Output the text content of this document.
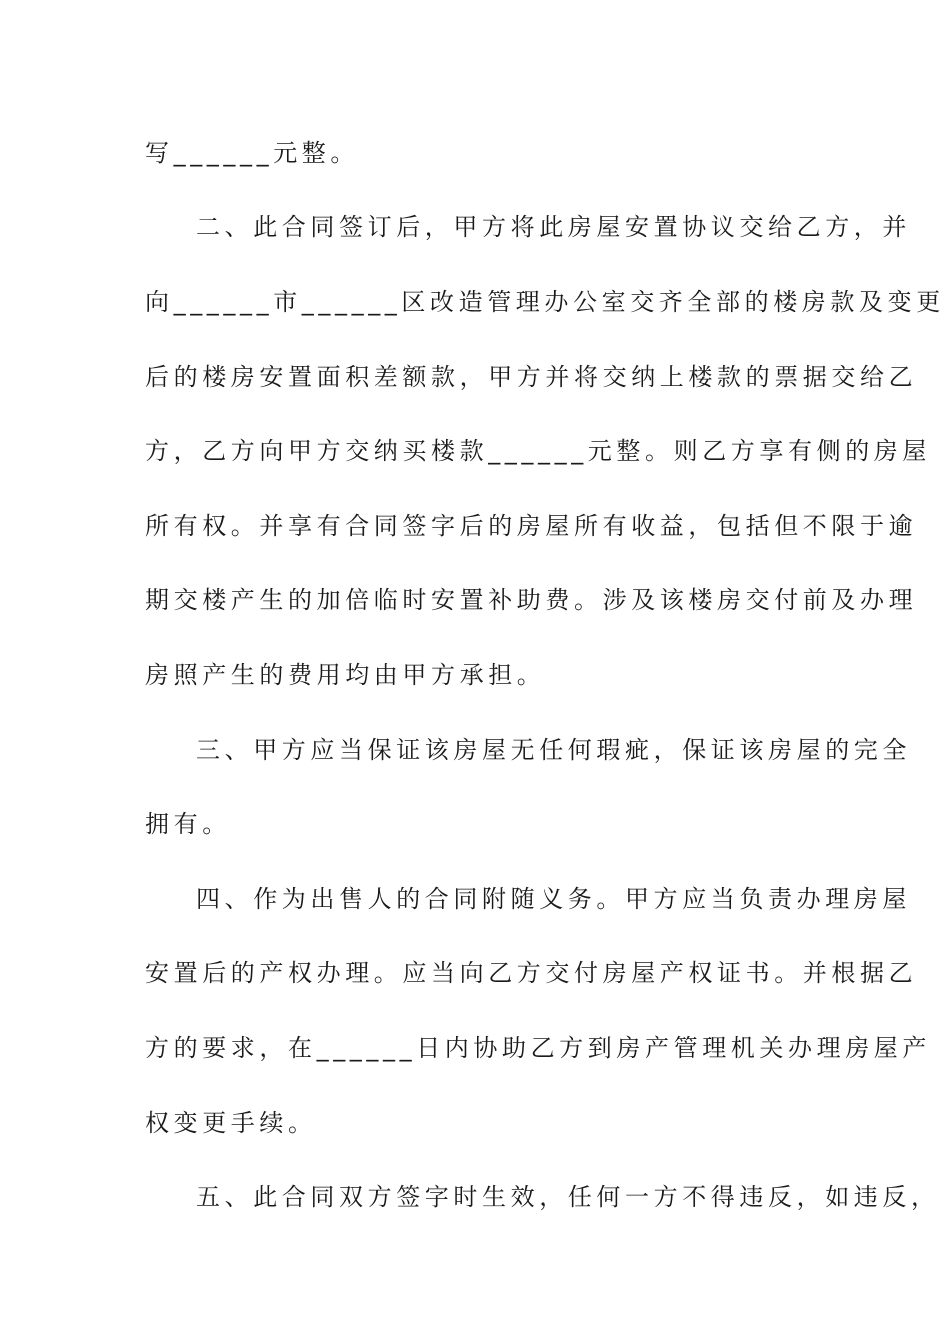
写______元整。
二、此合同签订后，甲方将此房屋安置协议交给乙方，并
向______市______区改造管理办公室交齐全部的楼房款及变更
后的楼房安置面积差额款，甲方并将交纳上楼款的票据交给乙
方，乙方向甲方交纳买楼款______元整。则乙方享有侧的房屋
所有权。并享有合同签字后的房屋所有收益，包括但不限于逾
期交楼产生的加倍临时安置补助费。涉及该楼房交付前及办理
房照产生的费用均由甲方承担。
三、甲方应当保证该房屋无任何瑕疵，保证该房屋的完全
拥有。
四、作为出售人的合同附随义务。甲方应当负责办理房屋
安置后的产权办理。应当向乙方交付房屋产权证书。并根据乙
方的要求，在______日内协助乙方到房产管理机关办理房屋产
权变更手续。
五、此合同双方签字时生效，任何一方不得违反，如违反，
